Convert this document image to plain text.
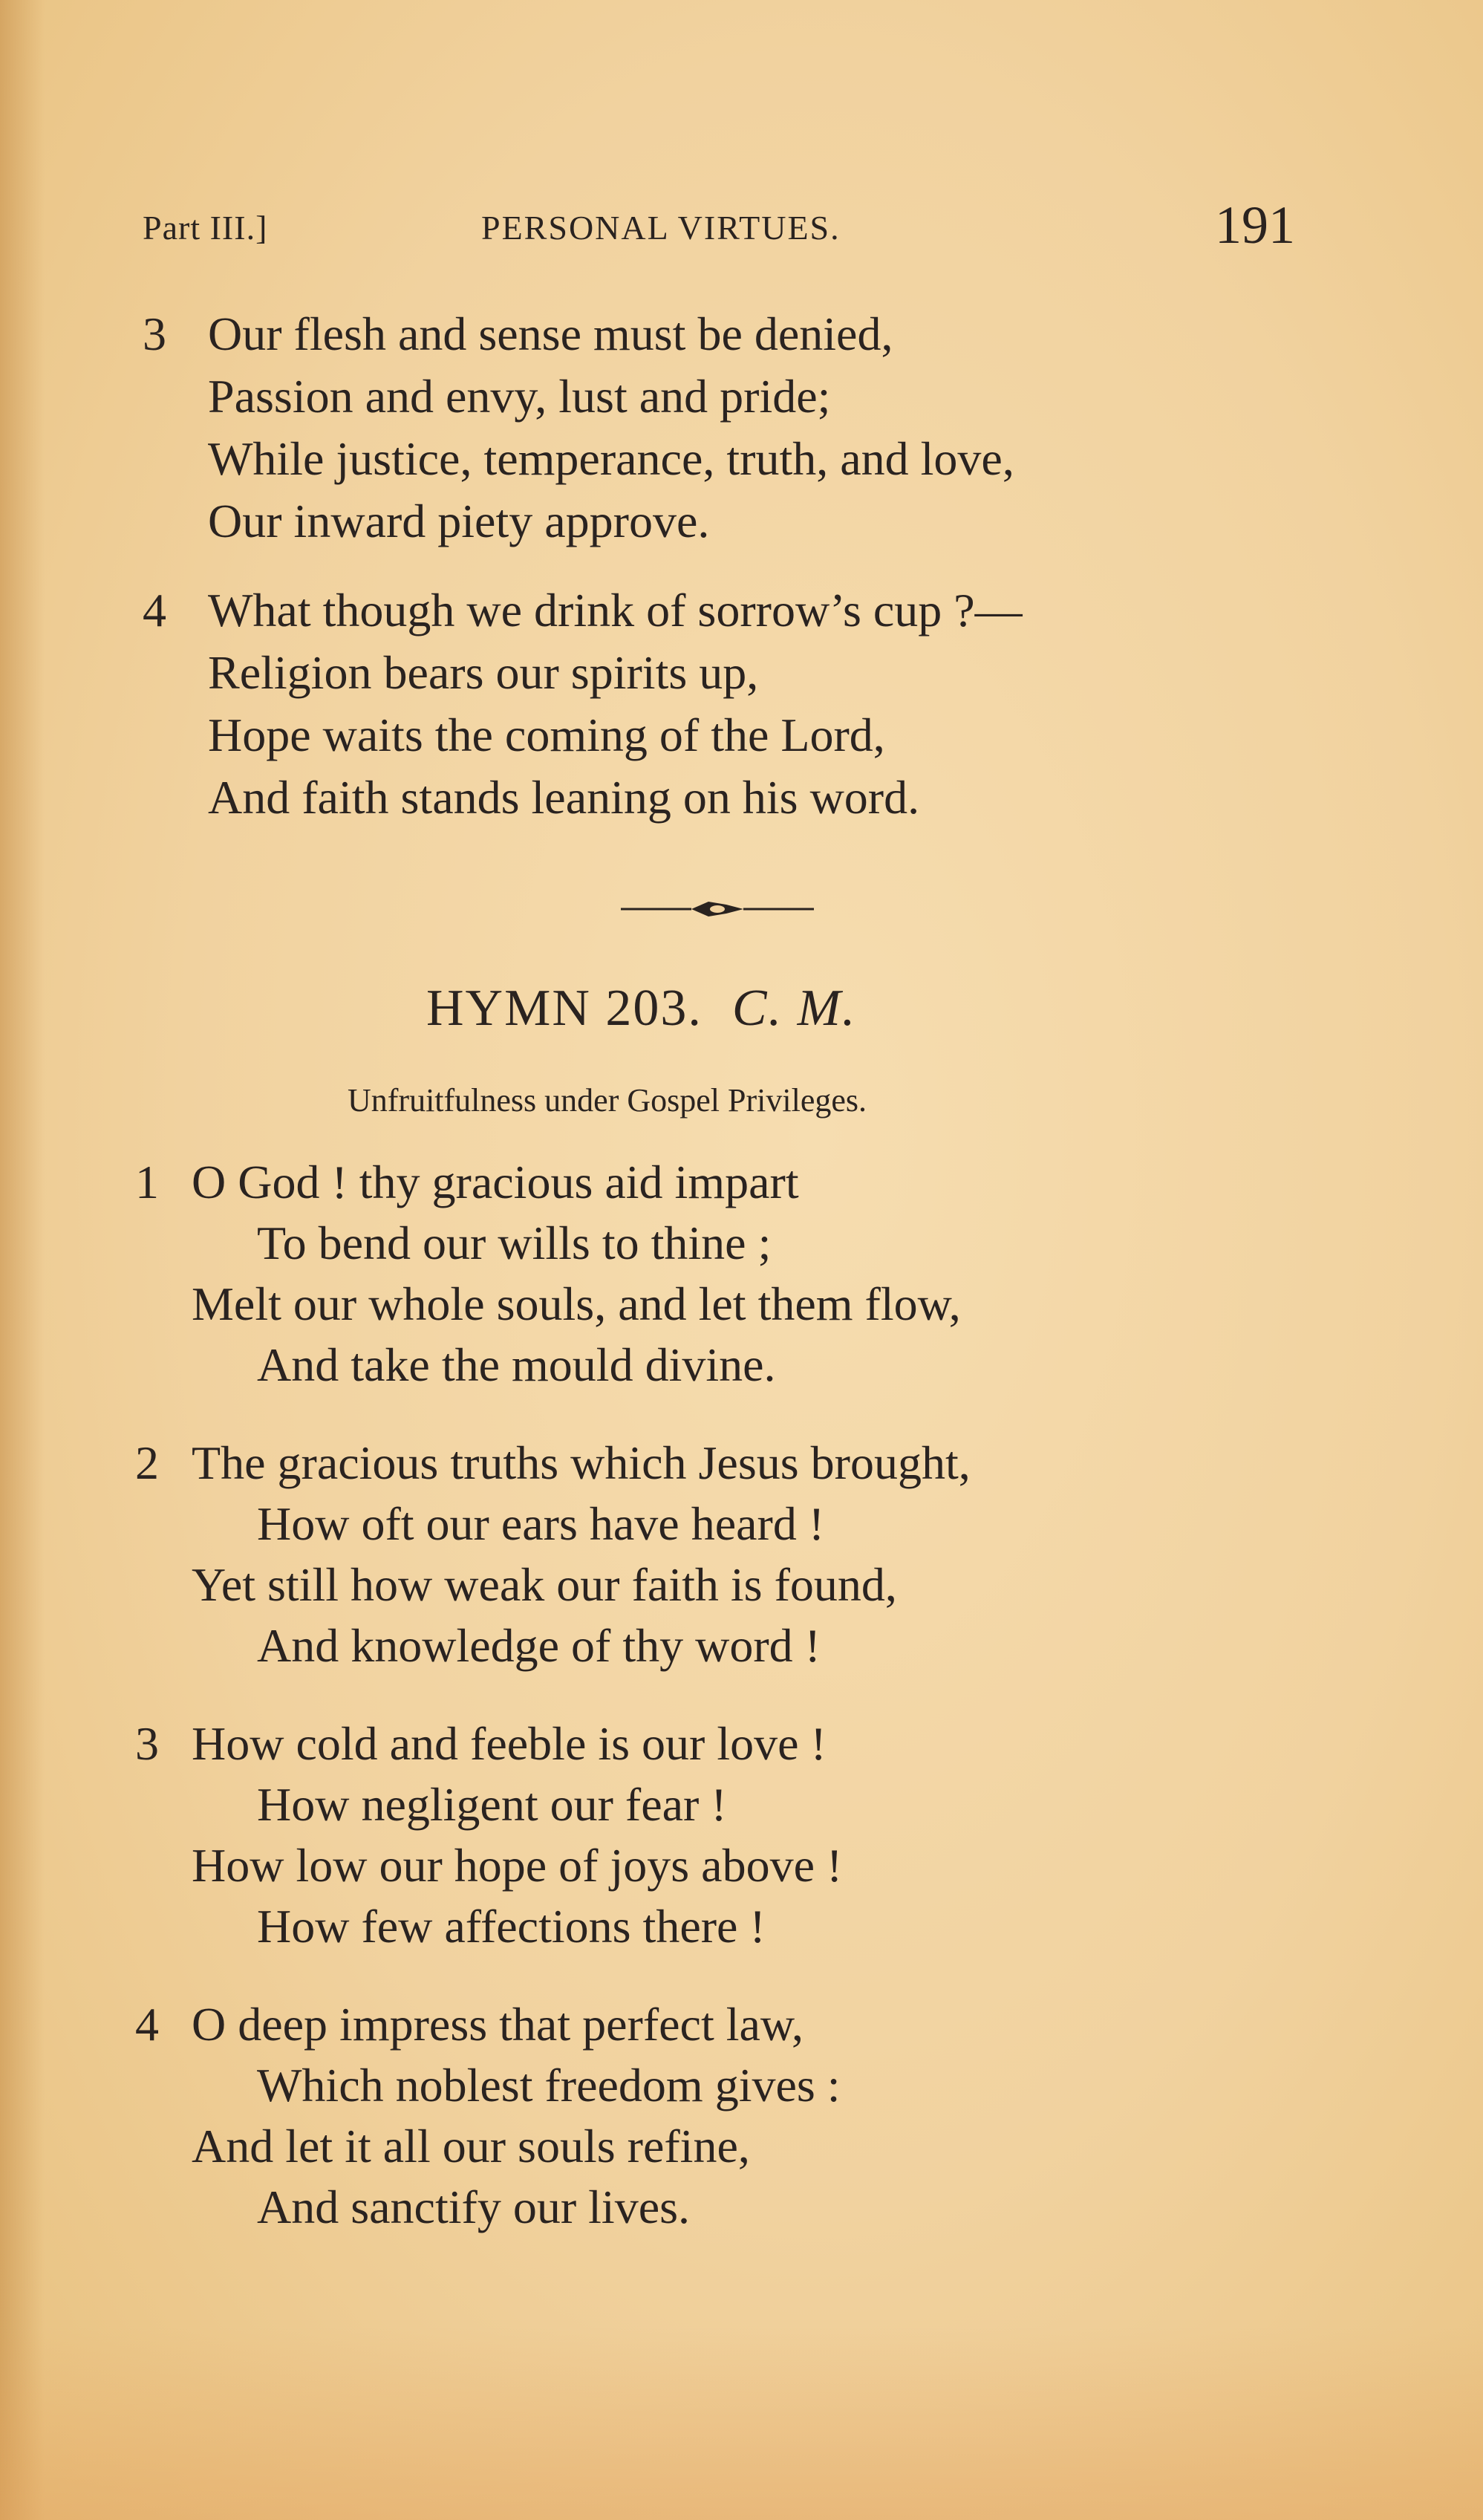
Part III.]	PERSONAL VIRTUES.	191
3 Our flesh and sense must be denied,
Passion and envy, lust and pride;
While justice, temperance, truth, and love,
Our inward piety approve.
4 What though we drink of sorrow’s cup ?—
Religion bears our spirits up,
Hope waits the coming of the Lord,
And faith stands leaning on his word.
HYMN 203. C. M.
Unfruitfulness under Gospel Privileges.
1 O God ! thy gracious aid impart
To bend our wills to thine ;
Melt our whole souls, and let them flow,
And take the mould divine.
2 The gracious truths which Jesus brought,
How oft our ears have heard !
Yet still how weak our faith is found,
And knowledge of thy word !
3 How cold and feeble is our love !
How negligent our fear !
How low our hope of joys above !
How few affections there !
4 O deep impress that perfect law,
Which noblest freedom gives :
And let it all our souls refine,
And sanctify our lives.
